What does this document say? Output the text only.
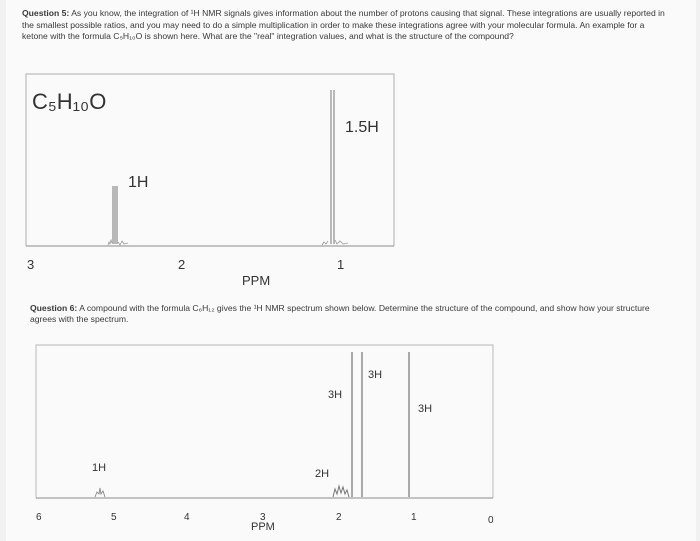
Question 5: As you know, the integration of ¹H NMR signals gives information about the number of protons causing that signal. These integrations are usually reported in the smallest possible ratios, and you may need to do a simple multiplication in order to make these integrations agree with your molecular formula. An example for a ketone with the formula C₅H₁₀O is shown here. What are the "real" integration values, and what is the structure of the compound?
Question 6: A compound with the formula C₆H₁₂ gives the ¹H NMR spectrum shown below. Determine the structure of the compound, and show how your structure agrees with the spectrum.
1H
1.5H
C₅H₁₀O
3	2	1
PPM
1H	2H
3H
3H
3H
6	5	4	3	2	1	0
PPM
